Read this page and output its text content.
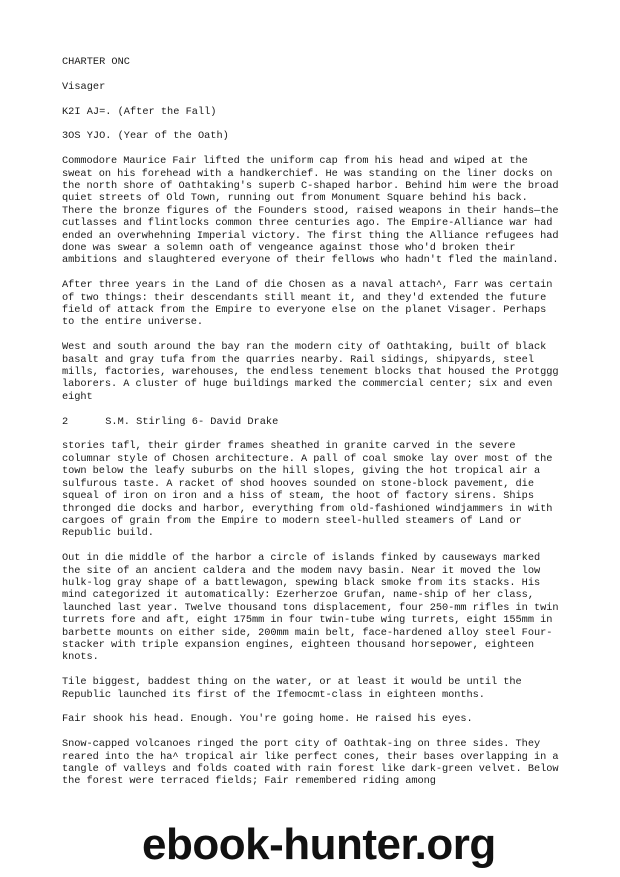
CHARTER ONC

Visager

K2I AJ=. (After the Fall)

3OS YJO. (Year of the Oath)

Commodore Maurice Fair lifted the uniform cap from his head and wiped at the sweat on his forehead with a handkerchief. He was standing on the liner docks on the north shore of Oathtaking's superb C-shaped harbor. Behind him were the broad quiet streets of Old Town, running out from Monument Square behind his back. There the bronze figures of the Founders stood, raised weapons in their hands—the cutlasses and flintlocks common three centuries ago. The Empire-Alliance war had ended an overwhehning Imperial victory. The first thing the Alliance refugees had done was swear a solemn oath of vengeance against those who'd broken their ambitions and slaughtered everyone of their fellows who hadn't fled the mainland.

After three years in the Land of die Chosen as a naval attach^, Farr was certain of two things: their descendants still meant it, and they'd extended the future field of attack from the Empire to everyone else on the planet Visager. Perhaps to the entire universe.

West and south around the bay ran the modern city of Oathtaking, built of black basalt and gray tufa from the quarries nearby. Rail sidings, shipyards, steel mills, factories, warehouses, the endless tenement blocks that housed the Protggg laborers. A cluster of huge buildings marked the commercial center; six and even eight

2      S.M. Stirling 6- David Drake

stories tafl, their girder frames sheathed in granite carved in the severe columnar style of Chosen architecture. A pall of coal smoke lay over most of the town below the leafy suburbs on the hill slopes, giving the hot tropical air a sulfurous taste. A racket of shod hooves sounded on stone-block pavement, die squeal of iron on iron and a hiss of steam, the hoot of factory sirens. Ships thronged die docks and harbor, everything from old-fashioned windjammers in with cargoes of grain from the Empire to modern steel-hulled steamers of Land or Republic build.

Out in die middle of the harbor a circle of islands finked by causeways marked the site of an ancient caldera and the modem navy basin. Near it moved the low hulk-log gray shape of a battlewagon, spewing black smoke from its stacks. His mind categorized it automatically: Ezerherzoe Grufan, name-ship of her class, launched last year. Twelve thousand tons displacement, four 250-mm rifles in twin turrets fore and aft, eight 175mm in four twin-tube wing turrets, eight 155mm in barbette mounts on either side, 200mm main belt, face-hardened alloy steel Four-stacker with triple expansion engines, eighteen thousand horsepower, eighteen knots.

Tile biggest, baddest thing on the water, or at least it would be until the Republic launched its first of the Ifemocmt-class in eighteen months.

Fair shook his head. Enough. You're going home. He raised his eyes.

Snow-capped volcanoes ringed the port city of Oathtak-ing on three sides. They reared into the ha^ tropical air like perfect cones, their bases overlapping in a tangle of valleys and folds coated with rain forest like dark-green velvet. Below the forest were terraced fields; Fair remembered riding among

ebook-hunter.org
